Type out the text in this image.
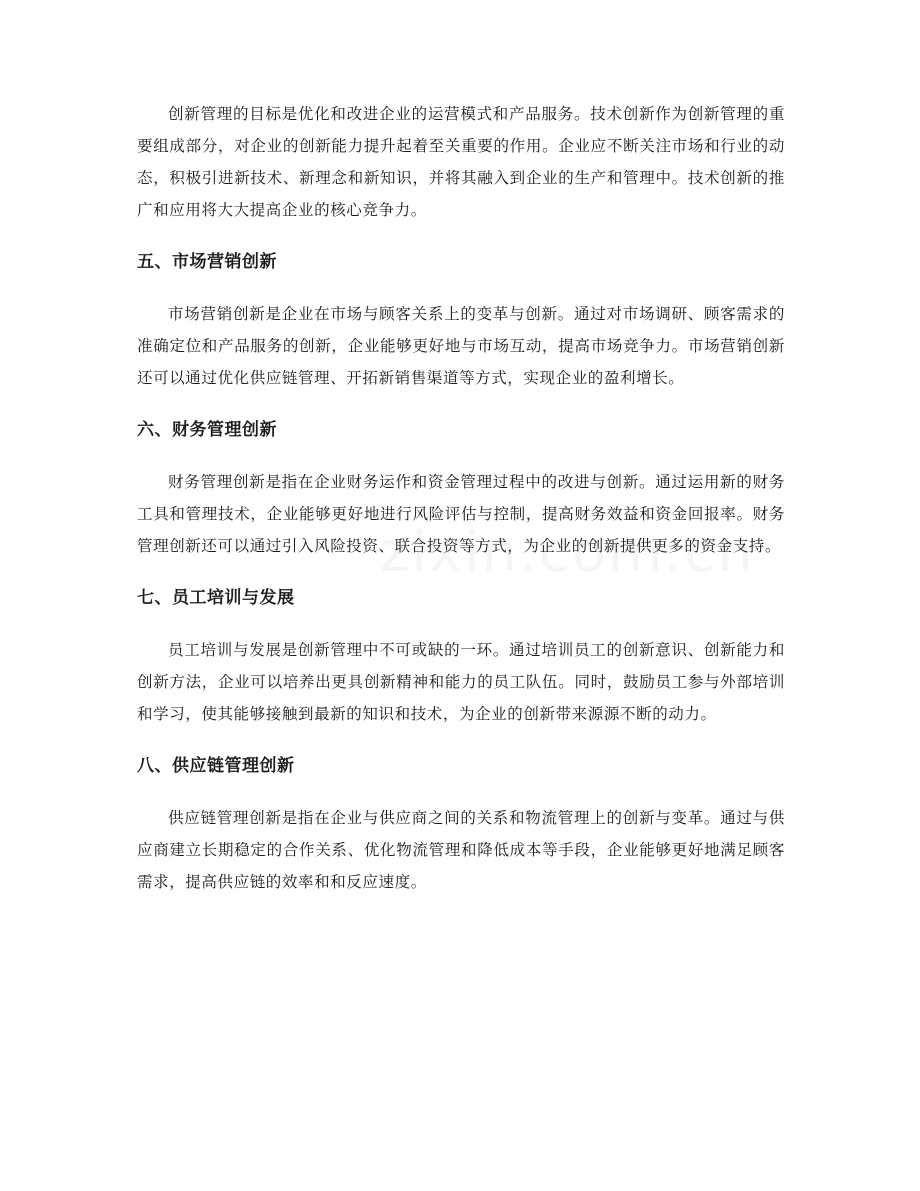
创新管理的目标是优化和改进企业的运营模式和产品服务。技术创新作为创新管理的重要组成部分，对企业的创新能力提升起着至关重要的作用。企业应不断关注市场和行业的动态，积极引进新技术、新理念和新知识，并将其融入到企业的生产和管理中。技术创新的推广和应用将大大提高企业的核心竞争力。

五、市场营销创新

市场营销创新是企业在市场与顾客关系上的变革与创新。通过对市场调研、顾客需求的准确定位和产品服务的创新，企业能够更好地与市场互动，提高市场竞争力。市场营销创新还可以通过优化供应链管理、开拓新销售渠道等方式，实现企业的盈利增长。

六、财务管理创新

财务管理创新是指在企业财务运作和资金管理过程中的改进与创新。通过运用新的财务工具和管理技术，企业能够更好地进行风险评估与控制，提高财务效益和资金回报率。财务管理创新还可以通过引入风险投资、联合投资等方式，为企业的创新提供更多的资金支持。

七、员工培训与发展

员工培训与发展是创新管理中不可或缺的一环。通过培训员工的创新意识、创新能力和创新方法，企业可以培养出更具创新精神和能力的员工队伍。同时，鼓励员工参与外部培训和学习，使其能够接触到最新的知识和技术，为企业的创新带来源源不断的动力。

八、供应链管理创新

供应链管理创新是指在企业与供应商之间的关系和物流管理上的创新与变革。通过与供应商建立长期稳定的合作关系、优化物流管理和降低成本等手段，企业能够更好地满足顾客需求，提高供应链的效率和和反应速度。
